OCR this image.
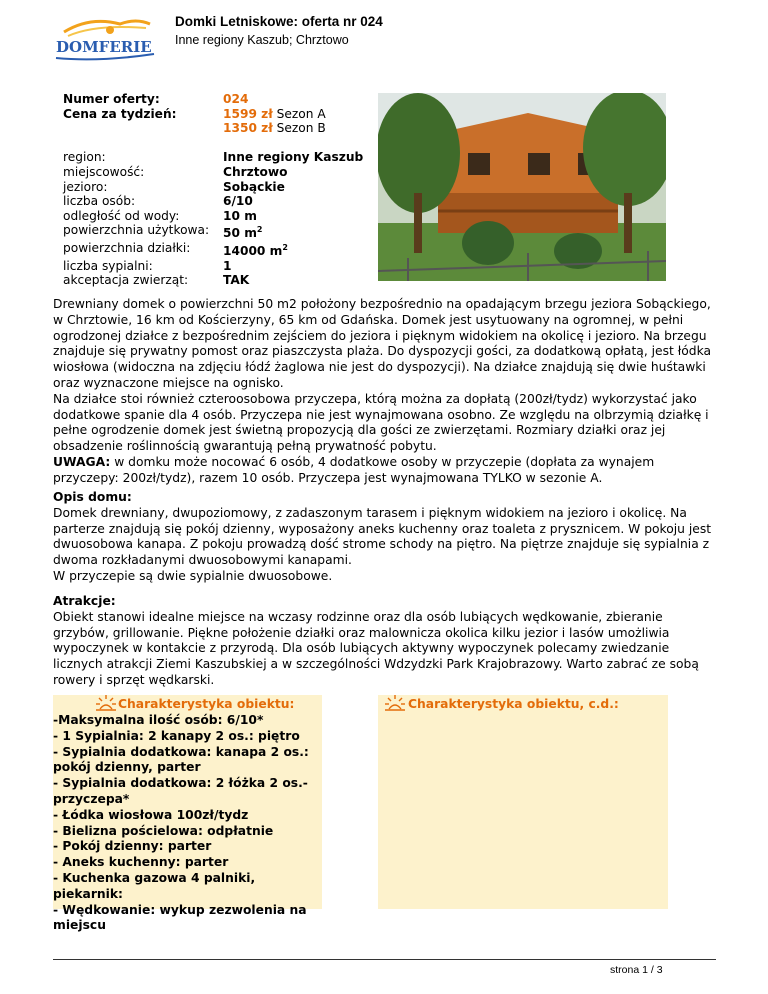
DOMFERIE
Domki Letniskowe: oferta nr 024
Inne regiony Kaszub; Chrztowo
Numer oferty:	024
Cena za tydzień:	1599 zł Sezon A
1350 zł Sezon B
region:	Inne regiony Kaszub
miejscowość:	Chrztowo
jezioro:	Sobąckie
liczba osób:	6/10
odległość od wody:	10 m
powierzchnia użytkowa:	50 $m^2$
powierzchnia działki:	14000 $m^2$
liczba sypialni:	1
akceptacja zwierząt:	TAK
Drewniany domek o powierzchni 50 m2 położony bezpośrednio na opadającym brzegu jeziora Sobąckiego, w Chrztowie, 16 km od Kościerzyny, 65 km od Gdańska. Domek jest usytuowany na ogromnej, w pełni ogrodzonej działce z bezpośrednim zejściem do jeziora i pięknym widokiem na okolicę i jezioro. Na brzegu znajduje się prywatny pomost oraz piaszczysta plaża. Do dyspozycji gości, za dodatkową opłatą, jest łódka wiosłowa (widoczna na zdjęciu łódź żaglowa nie jest do dyspozycji). Na działce znajdują się dwie huśtawki oraz wyznaczone miejsce na ognisko.
Na działce stoi również czteroosobowa przyczepa, którą można za dopłatą (200zł/tydz) wykorzystać jako dodatkowe spanie dla 4 osób. Przyczepa nie jest wynajmowana osobno. Ze względu na olbrzymią działkę i pełne ogrodzenie domek jest świetną propozycją dla gości ze zwierzętami. Rozmiary działki oraz jej obsadzenie roślinnością gwarantują pełną prywatność pobytu.
UWAGA: w domku może nocować 6 osób, 4 dodatkowe osoby w przyczepie (dopłata za wynajem przyczepy: 200zł/tydz), razem 10 osób. Przyczepa jest wynajmowana TYLKO w sezonie A.
Opis domu:
Domek drewniany, dwupoziomowy, z zadaszonym tarasem i pięknym widokiem na jezioro i okolicę. Na parterze znajdują się pokój dzienny, wyposażony aneks kuchenny oraz toaleta z prysznicem. W pokoju jest dwuosobowa kanapa. Z pokoju prowadzą dość strome schody na piętro. Na piętrze znajduje się sypialnia z dwoma rozkładanymi dwuosobowymi kanapami.
W przyczepie są dwie sypialnie dwuosobowe.
Atrakcje:
Obiekt stanowi idealne miejsce na wczasy rodzinne oraz dla osób lubiących wędkowanie, zbieranie grzybów, grillowanie. Piękne położenie działki oraz malownicza okolica kilku jezior i lasów umożliwia wypoczynek w kontakcie z przyrodą. Dla osób lubiących aktywny wypoczynek polecamy zwiedzanie licznych atrakcji Ziemi Kaszubskiej a w szczególności Wdzydzki Park Krajobrazowy. Warto zabrać ze sobą rowery i sprzęt wędkarski.
Charakterystyka obiektu:
-Maksymalna ilość osób: 6/10*
- 1 Sypialnia: 2 kanapy 2 os.: piętro
- Sypialnia dodatkowa: kanapa 2 os.:
pokój dzienny, parter
- Sypialnia dodatkowa: 2 łóżka 2 os.-
przyczepa*
- Łódka wiosłowa 100zł/tydz
- Bielizna pościelowa: odpłatnie
- Pokój dzienny: parter
- Aneks kuchenny: parter
- Kuchenka gazowa 4 palniki, piekarnik:
- Wędkowanie: wykup zezwolenia na
miejscu
Charakterystyka obiektu, c.d.:
strona 1 / 3
